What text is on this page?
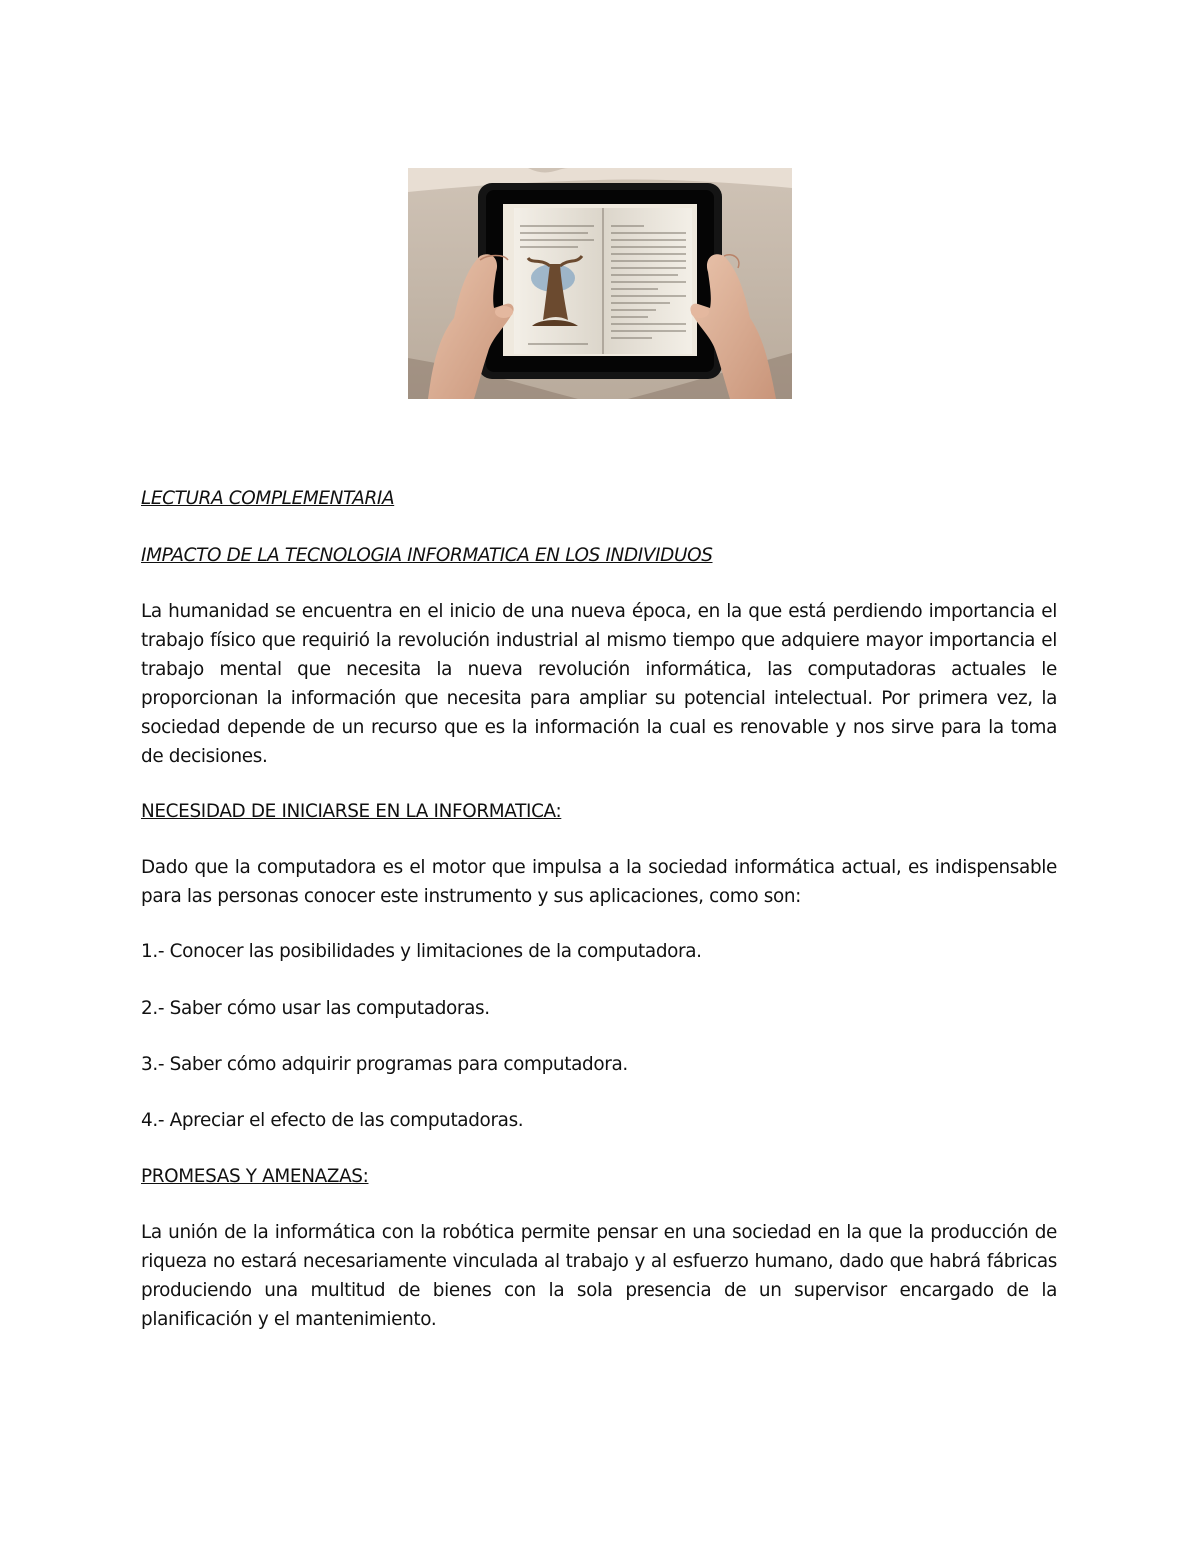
LECTURA COMPLEMENTARIA
IMPACTO DE LA TECNOLOGIA INFORMATICA EN LOS INDIVIDUOS

La humanidad se encuentra en el inicio de una nueva época, en la que está perdiendo importancia el trabajo físico que requirió la revolución industrial al mismo tiempo que adquiere mayor importancia el trabajo mental que necesita la nueva revolución informática, las computadoras actuales le proporcionan la información que necesita para ampliar su potencial intelectual. Por primera vez, la sociedad depende de un recurso que es la información la cual es renovable y nos sirve para la toma de decisiones.

NECESIDAD DE INICIARSE EN LA INFORMATICA:

Dado que la computadora es el motor que impulsa a la sociedad informática actual, es indispensable para las personas conocer este instrumento y sus aplicaciones, como son:

1.- Conocer las posibilidades y limitaciones de la computadora.
2.- Saber cómo usar las computadoras.
3.- Saber cómo adquirir programas para computadora.
4.- Apreciar el efecto de las computadoras.
PROMESAS Y AMENAZAS:

La unión de la informática con la robótica permite pensar en una sociedad en la que la producción de riqueza no estará necesariamente vinculada al trabajo y al esfuerzo humano, dado que habrá fábricas produciendo una multitud de bienes con la sola presencia de un supervisor encargado de la planificación y el mantenimiento.
